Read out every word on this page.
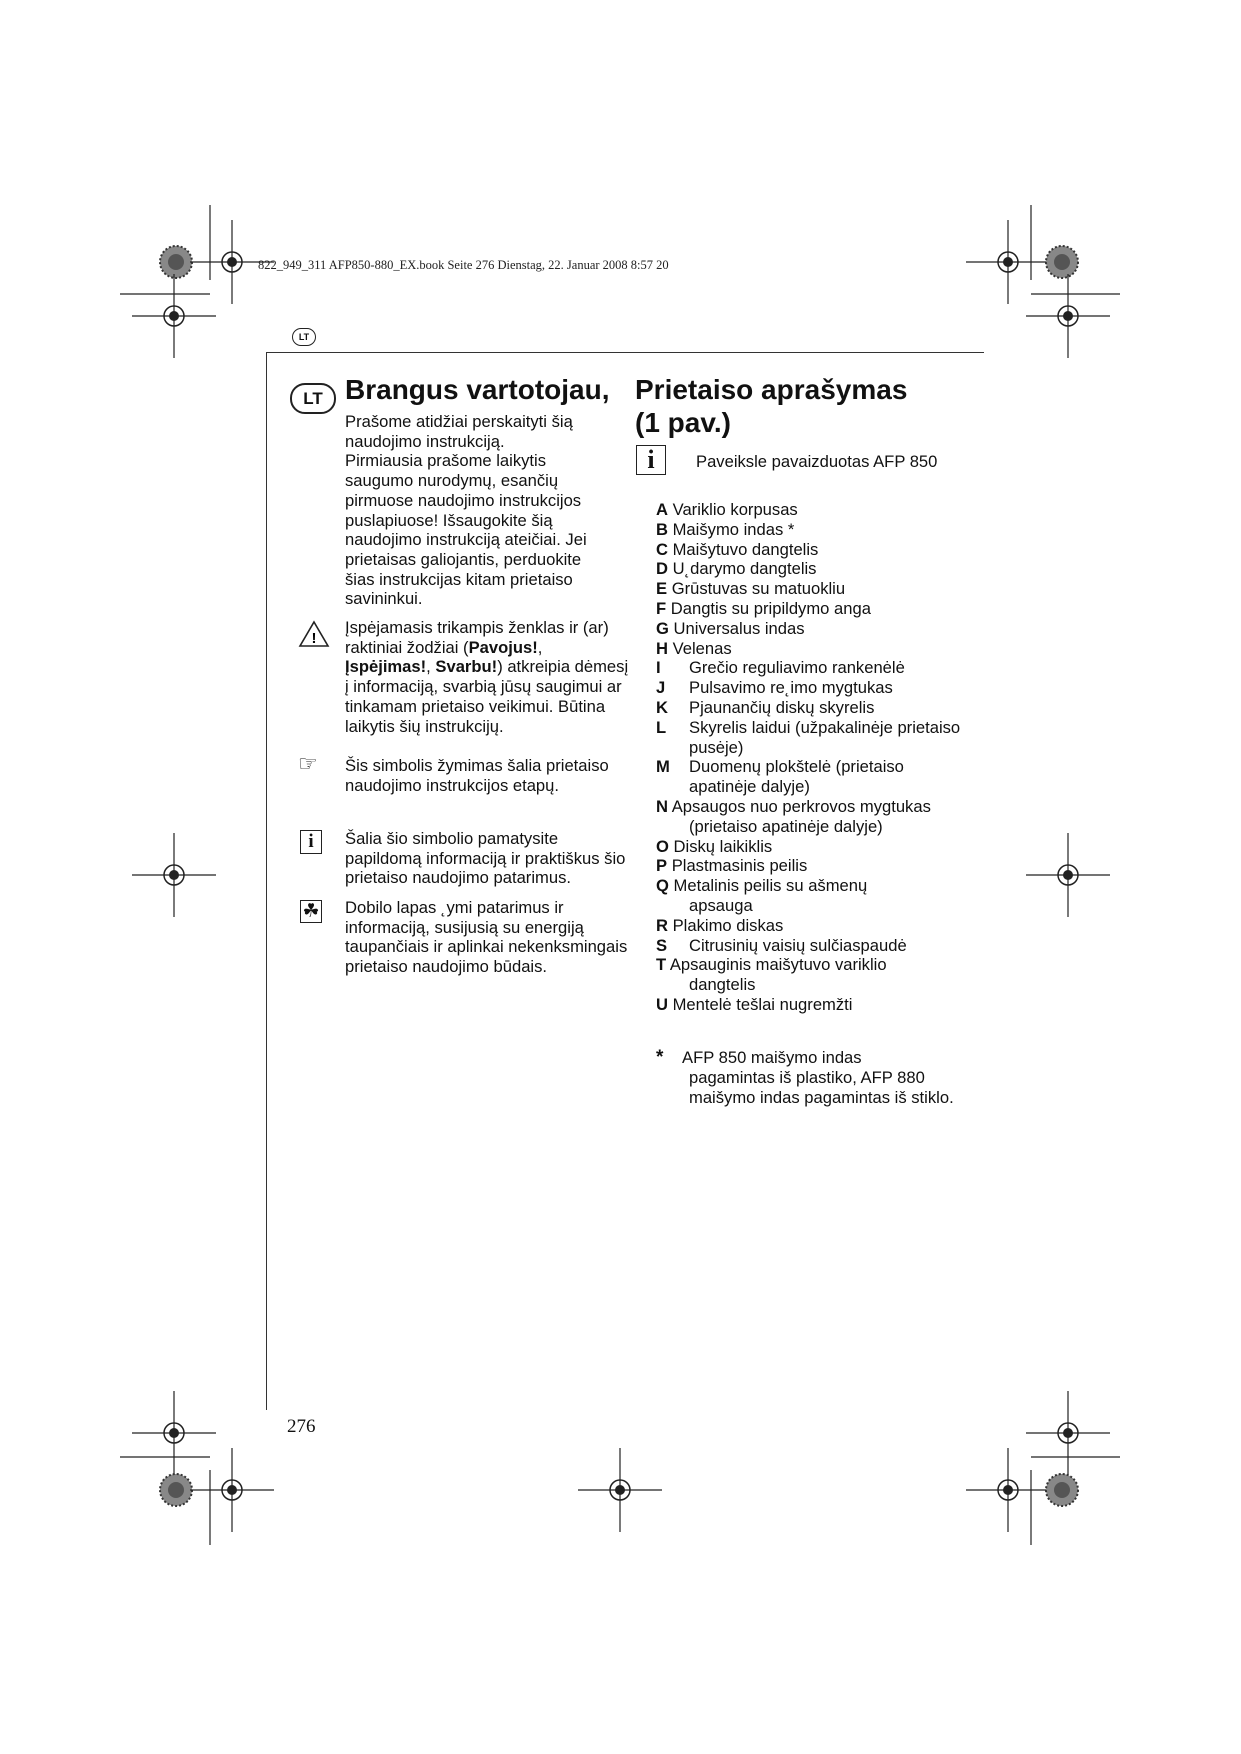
822_949_311 AFP850-880_EX.book Seite 276 Dienstag, 22. Januar 2008 8:57 20
LT
LT Brangus vartotojau,

Prašome atidžiai perskaityti šią

naudojimo instrukciją.

Pirmiausia prašome laikytis

saugumo nurodymų, esančių

pirmuose naudojimo instrukcijos

puslapiuose! Išsaugokite šią

naudojimo instrukciją ateičiai. Jei

prietaisas galiojantis, perduokite

šias instrukcijas kitam prietaiso

savininkui.

!

Įspėjamasis trikampis ženklas ir (ar) raktiniai žodžiai (Pavojus!, Įspėjimas!, Svarbu!) atkreipia dėmesį į informaciją, svarbią jūsų saugimui ar tinkamam prietaiso veikimui. Būtina laikytis šių instrukcijų.

☞ Šis simbolis žymimas šalia prietaiso naudojimo instrukcijos etapų.

i	Šalia šio simbolio pamatysite papildomą informaciją ir praktiškus šio prietaiso naudojimo patarimus.

☘ Dobilo lapas ˛ymi patarimus ir informaciją, susijusią su energiją taupančiais ir aplinkai nekenksmingais prietaiso naudojimo būdais.

Prietaiso aprašymas
(1 pav.)
i	Paveikslе pavaizduotas AFP 850
A Variklio korpusas
B Maišymo indas *
C Maišytuvo dangtelis
D U˛darymo dangtelis
E Grūstuvas su matuokliu
F Dangtis su pripildymo anga
G Universalus indas
H Velenas
I Grečio reguliavimo rankenėlė
J Pulsavimo re˛imo mygtukas
K Pjaunančių diskų skyrelis
L Skyrelis laidui (užpakalinėje prietaiso pusėje)
M Duomenų plokštelė (prietaiso apatinėje dalyje)
N Apsaugos nuo perkrovos mygtukas
(prietaiso apatinėje dalyje)
O Diskų laikiklis
P Plastmasinis peilis
Q Metalinis peilis su ašmenų
apsauga
R Plakimo diskas
S Citrusinių vaisių sulčiaspaudė
T Apsauginis maišytuvo variklio
dangtelis
U Mentelė tešlai nugremžti
* AFP 850 maišymo indas
pagamintas iš plastiko, AFP 880 maišymo indas pagamintas iš stiklo.
276
